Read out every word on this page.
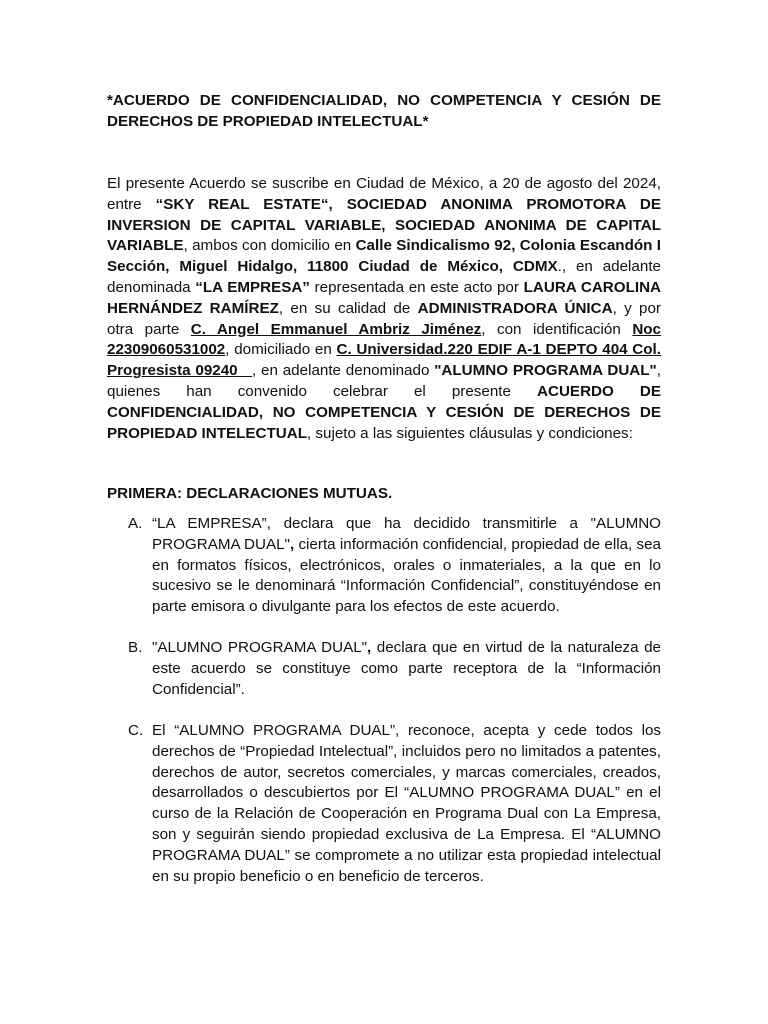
*ACUERDO DE CONFIDENCIALIDAD, NO COMPETENCIA Y CESIÓN DE DERECHOS DE PROPIEDAD INTELECTUAL*

El presente Acuerdo se suscribe en Ciudad de México, a 20 de agosto del 2024, entre “SKY REAL ESTATE“, SOCIEDAD ANONIMA PROMOTORA DE INVERSION DE CAPITAL VARIABLE, SOCIEDAD ANONIMA DE CAPITAL VARIABLE, ambos con domicilio en Calle Sindicalismo 92, Colonia Escandón I Sección, Miguel Hidalgo, 11800 Ciudad de México, CDMX., en adelante denominada “LA EMPRESA” representada en este acto por LAURA CAROLINA HERNÁNDEZ RAMÍREZ, en su calidad de ADMINISTRADORA ÚNICA, y por otra parte C. Angel Emmanuel Ambriz Jiménez, con identificación Noc 22309060531002, domiciliado en C. Universidad.220 EDIF A-1 DEPTO 404 Col. Progresista 09240 , en adelante denominado "ALUMNO PROGRAMA DUAL", quienes han convenido celebrar el presente ACUERDO DE CONFIDENCIALIDAD, NO COMPETENCIA Y CESIÓN DE DERECHOS DE PROPIEDAD INTELECTUAL, sujeto a las siguientes cláusulas y condiciones:

PRIMERA: DECLARACIONES MUTUAS.

A. “LA EMPRESA”, declara que ha decidido transmitirle a "ALUMNO PROGRAMA DUAL", cierta información confidencial, propiedad de ella, sea en formatos físicos, electrónicos, orales o inmateriales, a la que en lo sucesivo se le denominará “Información Confidencial”, constituyéndose en parte emisora o divulgante para los efectos de este acuerdo.

B. "ALUMNO PROGRAMA DUAL", declara que en virtud de la naturaleza de este acuerdo se constituye como parte receptora de la “Información Confidencial”.

C. El “ALUMNO PROGRAMA DUAL”, reconoce, acepta y cede todos los derechos de “Propiedad Intelectual”, incluidos pero no limitados a patentes, derechos de autor, secretos comerciales, y marcas comerciales, creados, desarrollados o descubiertos por El “ALUMNO PROGRAMA DUAL” en el curso de la Relación de Cooperación en Programa Dual con La Empresa, son y seguirán siendo propiedad exclusiva de La Empresa. El “ALUMNO PROGRAMA DUAL” se compromete a no utilizar esta propiedad intelectual en su propio beneficio o en beneficio de terceros.
